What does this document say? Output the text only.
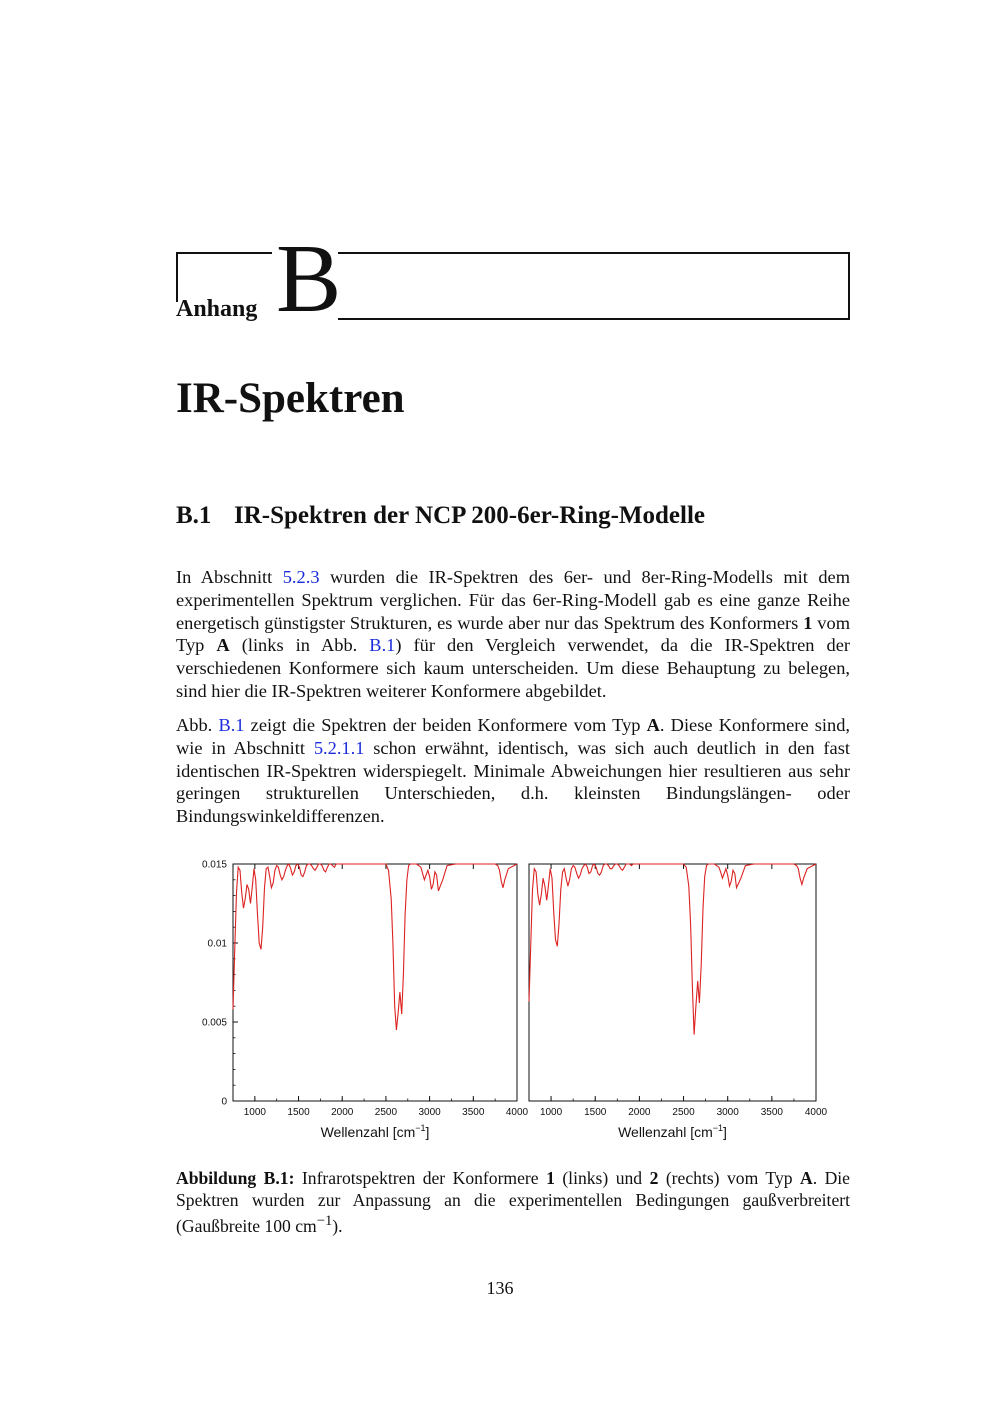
Anhang B
IR-Spektren
B.1 IR-Spektren der NCP 200-6er-Ring-Modelle

In Abschnitt 5.2.3 wurden die IR-Spektren des 6er- und 8er-Ring-Modells mit dem experimentellen Spektrum verglichen. Für das 6er-Ring-Modell gab es eine ganze Reihe energetisch günstigster Strukturen, es wurde aber nur das Spektrum des Konformers 1 vom Typ A (links in Abb. B.1) für den Vergleich verwendet, da die IR-Spektren der verschiedenen Konformere sich kaum unterscheiden. Um diese Behauptung zu belegen, sind hier die IR-Spektren weiterer Konformere abgebildet.

Abb. B.1 zeigt die Spektren der beiden Konformere vom Typ A. Diese Konformere sind, wie in Abschnitt 5.2.1.1 schon erwähnt, identisch, was sich auch deutlich in den fast identischen IR-Spektren widerspiegelt. Minimale Abweichungen hier resultieren aus sehr geringen strukturellen Unterschieden, d.h. kleinsten Bindungslängen- oder Bindungswinkeldifferenzen.

1000 1500 2000 2500 3000 3500 4000
0
0.005
0.01
0.015
Wellenzahl $[cm^{-1}]$
1000 1500 2000 2500 3000 3500 4000
Wellenzahl $[cm^{-1}]$

Abbildung B.1: Infrarotspektren der Konformere 1 (links) und 2 (rechts) vom Typ A. Die Spektren wurden zur Anpassung an die experimentellen Bedingungen gaußverbreitert (Gaußbreite 100 $cm^{-1}$).

136
